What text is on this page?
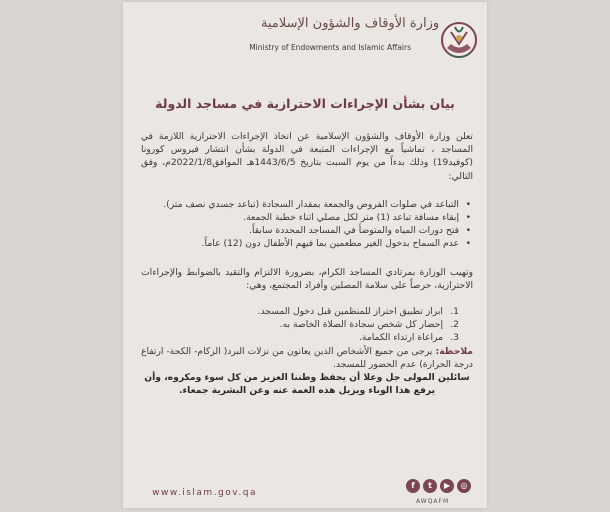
وزارة الأوقاف والشؤون الإسلامية
Ministry of Endowments and Islamic Affairs
بيان بشأن الإجراءات الاحترازية في مساجد الدولة

تعلن وزارة الأوقاف والشؤون الإسلامية عن اتخاذ الإجراءات الاحترازية اللازمة في المساجد ، تماشياً مع الإجراءات المتبعة في الدولة بشأن انتشار فيروس كورونا (كوفيد19) وذلك بدءاً من يوم السبت بتاريخ 1443/6/5هـ الموافق2022/1/8م، وفق التالي:

• التباعد في صلوات الفروض والجمعة بمقدار السجادة (تباعد جسدي نصف متر).
• إبقاء مسافة تباعد (1) متر لكل مصلي اثناء خطبة الجمعة.
• فتح دورات المياه والمتوضأ في المساجد المحددة سابقاً.
• عدم السماح بدخول الغير مطعمين بما فيهم الأطفال دون (12) عاماً.

وتهيب الوزارة بمرتادي المساجد الكرام، بضرورة الالتزام والتقيد بالضوابط والإجراءات الاحترازية، حرصاً على سلامة المصلين وأفراد المجتمع، وهي:

1.
ابراز تطبيق احتراز للمنظمين قبل دخول المسجد.
2.
إحضار كل شخص سجادة الصلاة الخاصة به.
3.
مراعاة ارتداء الكمامة.

ملاحظة: يرجى من جميع الأشخاص الذين يعانون من نزلات البرد( الزكام- الكحة- ارتفاع درجة الحرارة) عدم الحضور للمسجد.

سائلين المولى جل وعلا أن يحفظ وطننا العزيز من كل سوء ومكروه، وأن يرفع هذا الوباء ويزيل هذه الغمة عنه وعن البشرية جمعاء.

www.islam.gov.qa
f	t	▶	◎
AWQAFM
